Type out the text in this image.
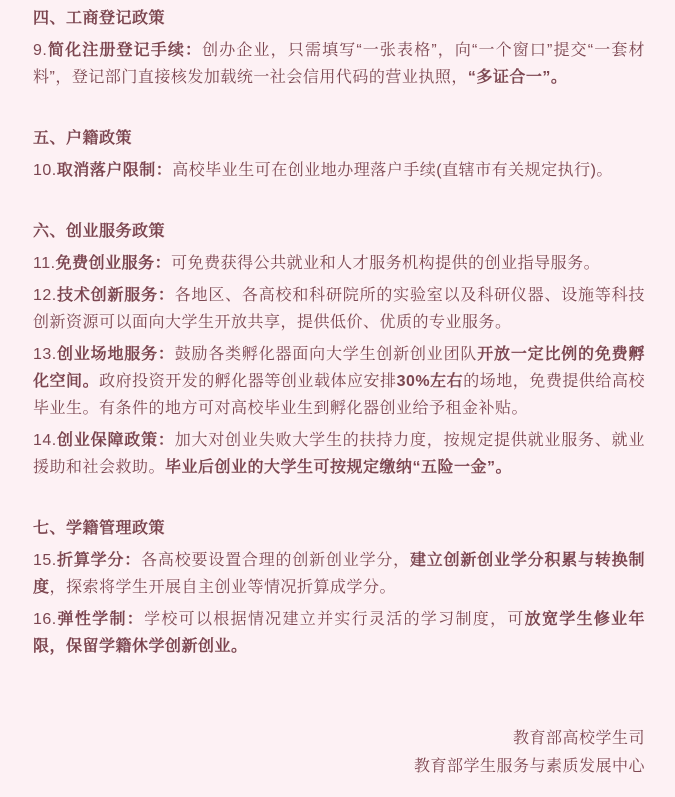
四、工商登记政策

9.简化注册登记手续：创办企业，只需填写“一张表格”，向“一个窗口”提交“一套材料”，登记部门直接核发加载统一社会信用代码的营业执照，“多证合一”。

五、户籍政策

10.取消落户限制：高校毕业生可在创业地办理落户手续(直辖市有关规定执行)。

六、创业服务政策

11.免费创业服务：可免费获得公共就业和人才服务机构提供的创业指导服务。

12.技术创新服务：各地区、各高校和科研院所的实验室以及科研仪器、设施等科技创新资源可以面向大学生开放共享，提供低价、优质的专业服务。

13.创业场地服务：鼓励各类孵化器面向大学生创新创业团队开放一定比例的免费孵化空间。政府投资开发的孵化器等创业载体应安排30%左右的场地，免费提供给高校毕业生。有条件的地方可对高校毕业生到孵化器创业给予租金补贴。

14.创业保障政策：加大对创业失败大学生的扶持力度，按规定提供就业服务、就业援助和社会救助。毕业后创业的大学生可按规定缴纳“五险一金”。

七、学籍管理政策

15.折算学分：各高校要设置合理的创新创业学分，建立创新创业学分积累与转换制度，探索将学生开展自主创业等情况折算成学分。

16.弹性学制：学校可以根据情况建立并实行灵活的学习制度，可放宽学生修业年限，保留学籍休学创新创业。

教育部高校学生司
教育部学生服务与素质发展中心
